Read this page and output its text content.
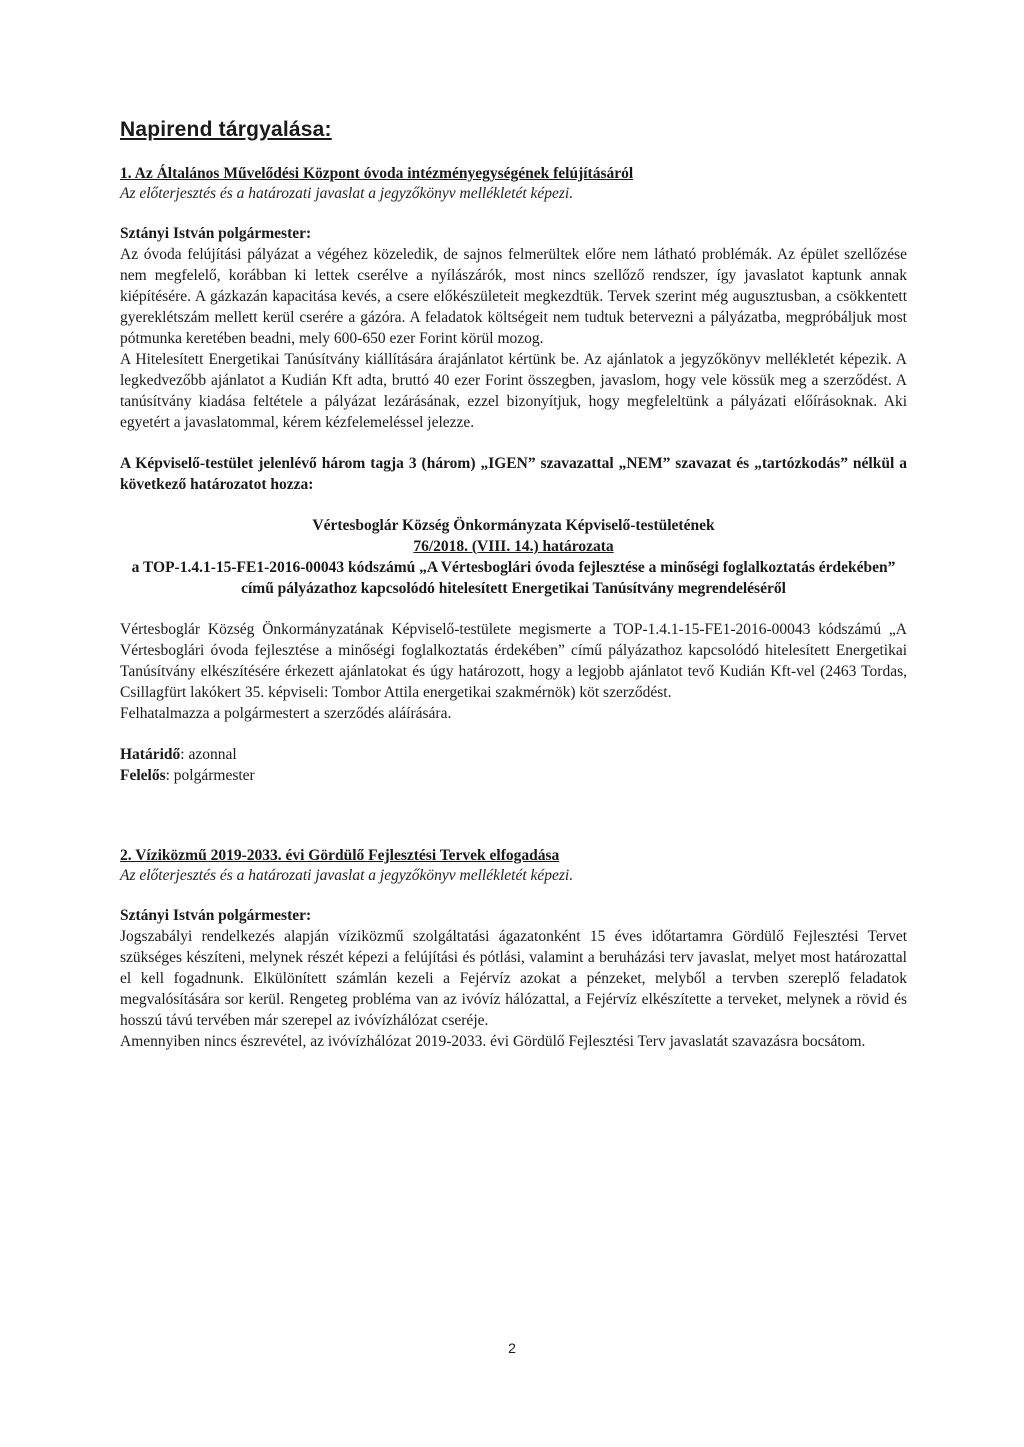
Napirend tárgyalása:
1. Az Általános Művelődési Központ óvoda intézményegységének felújításáról
Az előterjesztés és a határozati javaslat a jegyzőkönyv mellékletét képezi.
Sztányi István polgármester:

Az óvoda felújítási pályázat a végéhez közeledik, de sajnos felmerültek előre nem látható problémák. Az épület szellőzése nem megfelelő, korábban ki lettek cserélve a nyílászárók, most nincs szellőző rendszer, így javaslatot kaptunk annak kiépítésére. A gázkazán kapacitása kevés, a csere előkészületeit megkezdtük. Tervek szerint még augusztusban, a csökkentett gyereklétszám mellett kerül cserére a gázóra. A feladatok költségeit nem tudtuk betervezni a pályázatba, megpróbáljuk most pótmunka keretében beadni, mely 600-650 ezer Forint körül mozog.

A Hitelesített Energetikai Tanúsítvány kiállítására árajánlatot kértünk be. Az ajánlatok a jegyzőkönyv mellékletét képezik. A legkedvezőbb ajánlatot a Kudián Kft adta, bruttó 40 ezer Forint összegben, javaslom, hogy vele kössük meg a szerződést. A tanúsítvány kiadása feltétele a pályázat lezárásának, ezzel bizonyítjuk, hogy megfeleltünk a pályázati előírásoknak. Aki egyetért a javaslatommal, kérem kézfelemeléssel jelezze.

A Képviselő-testület jelenlévő három tagja 3 (három) „IGEN” szavazattal „NEM” szavazat és „tartózkodás” nélkül a következő határozatot hozza:
Vértesboglár Község Önkormányzata Képviselő-testületének
76/2018. (VIII. 14.) határozata
a TOP-1.4.1-15-FE1-2016-00043 kódszámú „A Vértesboglári óvoda fejlesztése a minőségi foglalkoztatás érdekében” című pályázathoz kapcsolódó hitelesített Energetikai Tanúsítvány megrendeléséről

Vértesboglár Község Önkormányzatának Képviselő-testülete megismerte a TOP-1.4.1-15-FE1-2016-00043 kódszámú „A Vértesboglári óvoda fejlesztése a minőségi foglalkoztatás érdekében” című pályázathoz kapcsolódó hitelesített Energetikai Tanúsítvány elkészítésére érkezett ajánlatokat és úgy határozott, hogy a legjobb ajánlatot tevő Kudián Kft-vel (2463 Tordas, Csillagfürt lakókert 35. képviseli: Tombor Attila energetikai szakmérnök) köt szerződést.

Felhatalmazza a polgármestert a szerződés aláírására.

Határidő: azonnal

Felelős: polgármester

2. Víziközmű 2019-2033. évi Gördülő Fejlesztési Tervek elfogadása
Az előterjesztés és a határozati javaslat a jegyzőkönyv mellékletét képezi.
Sztányi István polgármester:

Jogszabályi rendelkezés alapján víziközmű szolgáltatási ágazatonként 15 éves időtartamra Gördülő Fejlesztési Tervet szükséges készíteni, melynek részét képezi a felújítási és pótlási, valamint a beruházási terv javaslat, melyet most határozattal el kell fogadnunk. Elkülönített számlán kezeli a Fejérvíz azokat a pénzeket, melyből a tervben szereplő feladatok megvalósítására sor kerül. Rengeteg probléma van az ivóvíz hálózattal, a Fejérvíz elkészítette a terveket, melynek a rövid és hosszú távú tervében már szerepel az ivóvízhálózat cseréje.

Amennyiben nincs észrevétel, az ivóvízhálózat 2019-2033. évi Gördülő Fejlesztési Terv javaslatát szavazásra bocsátom.

2
